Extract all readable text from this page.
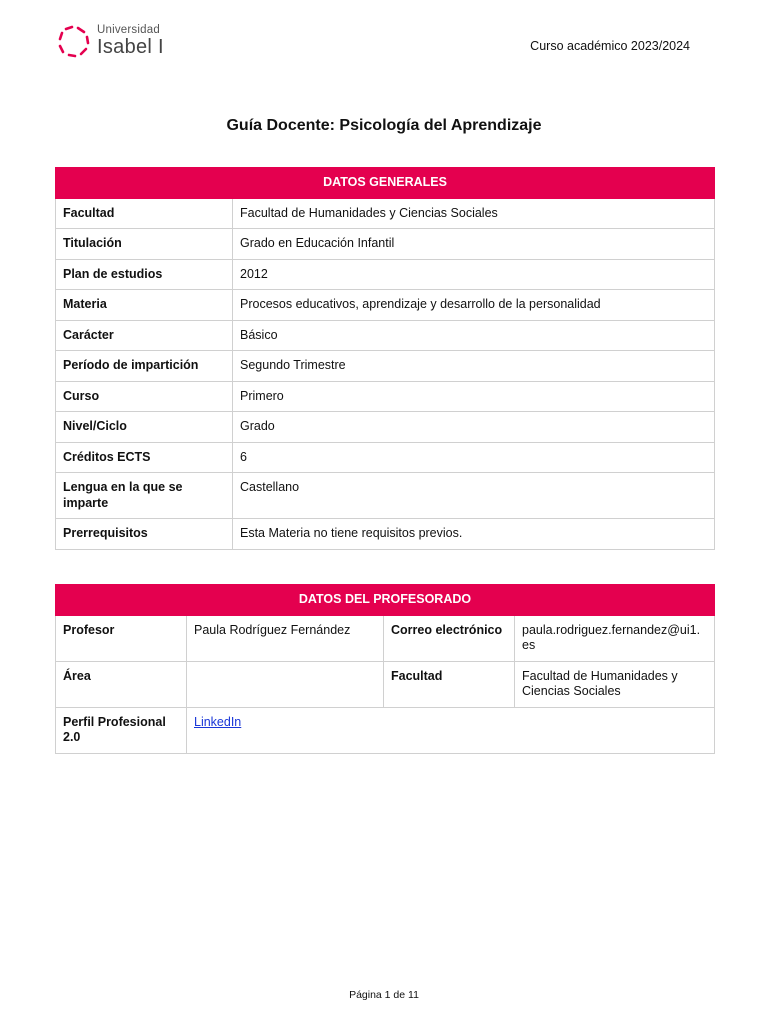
Universidad
Isabel I	Curso académico 2023/2024
Guía Docente: Psicología del Aprendizaje
DATOS GENERALES	
Facultad	Facultad de Humanidades y Ciencias Sociales
Titulación	Grado en Educación Infantil
Plan de estudios	2012
Materia	Procesos educativos, aprendizaje y desarrollo de la personalidad
Carácter	Básico
Período de impartición	Segundo Trimestre
Curso	Primero
Nivel/Ciclo	Grado
Créditos ECTS	6
Lengua en la que se imparte	Castellano
Prerrequisitos	Esta Materia no tiene requisitos previos.
DATOS DEL PROFESORADO			
Profesor	Paula Rodríguez Fernández	Correo electrónico	paula.rodriguez.fernandez@ui1.es
Área		Facultad	Facultad de Humanidades y Ciencias Sociales
Perfil Profesional 2.0	LinkedIn		
Página 1 de 11
